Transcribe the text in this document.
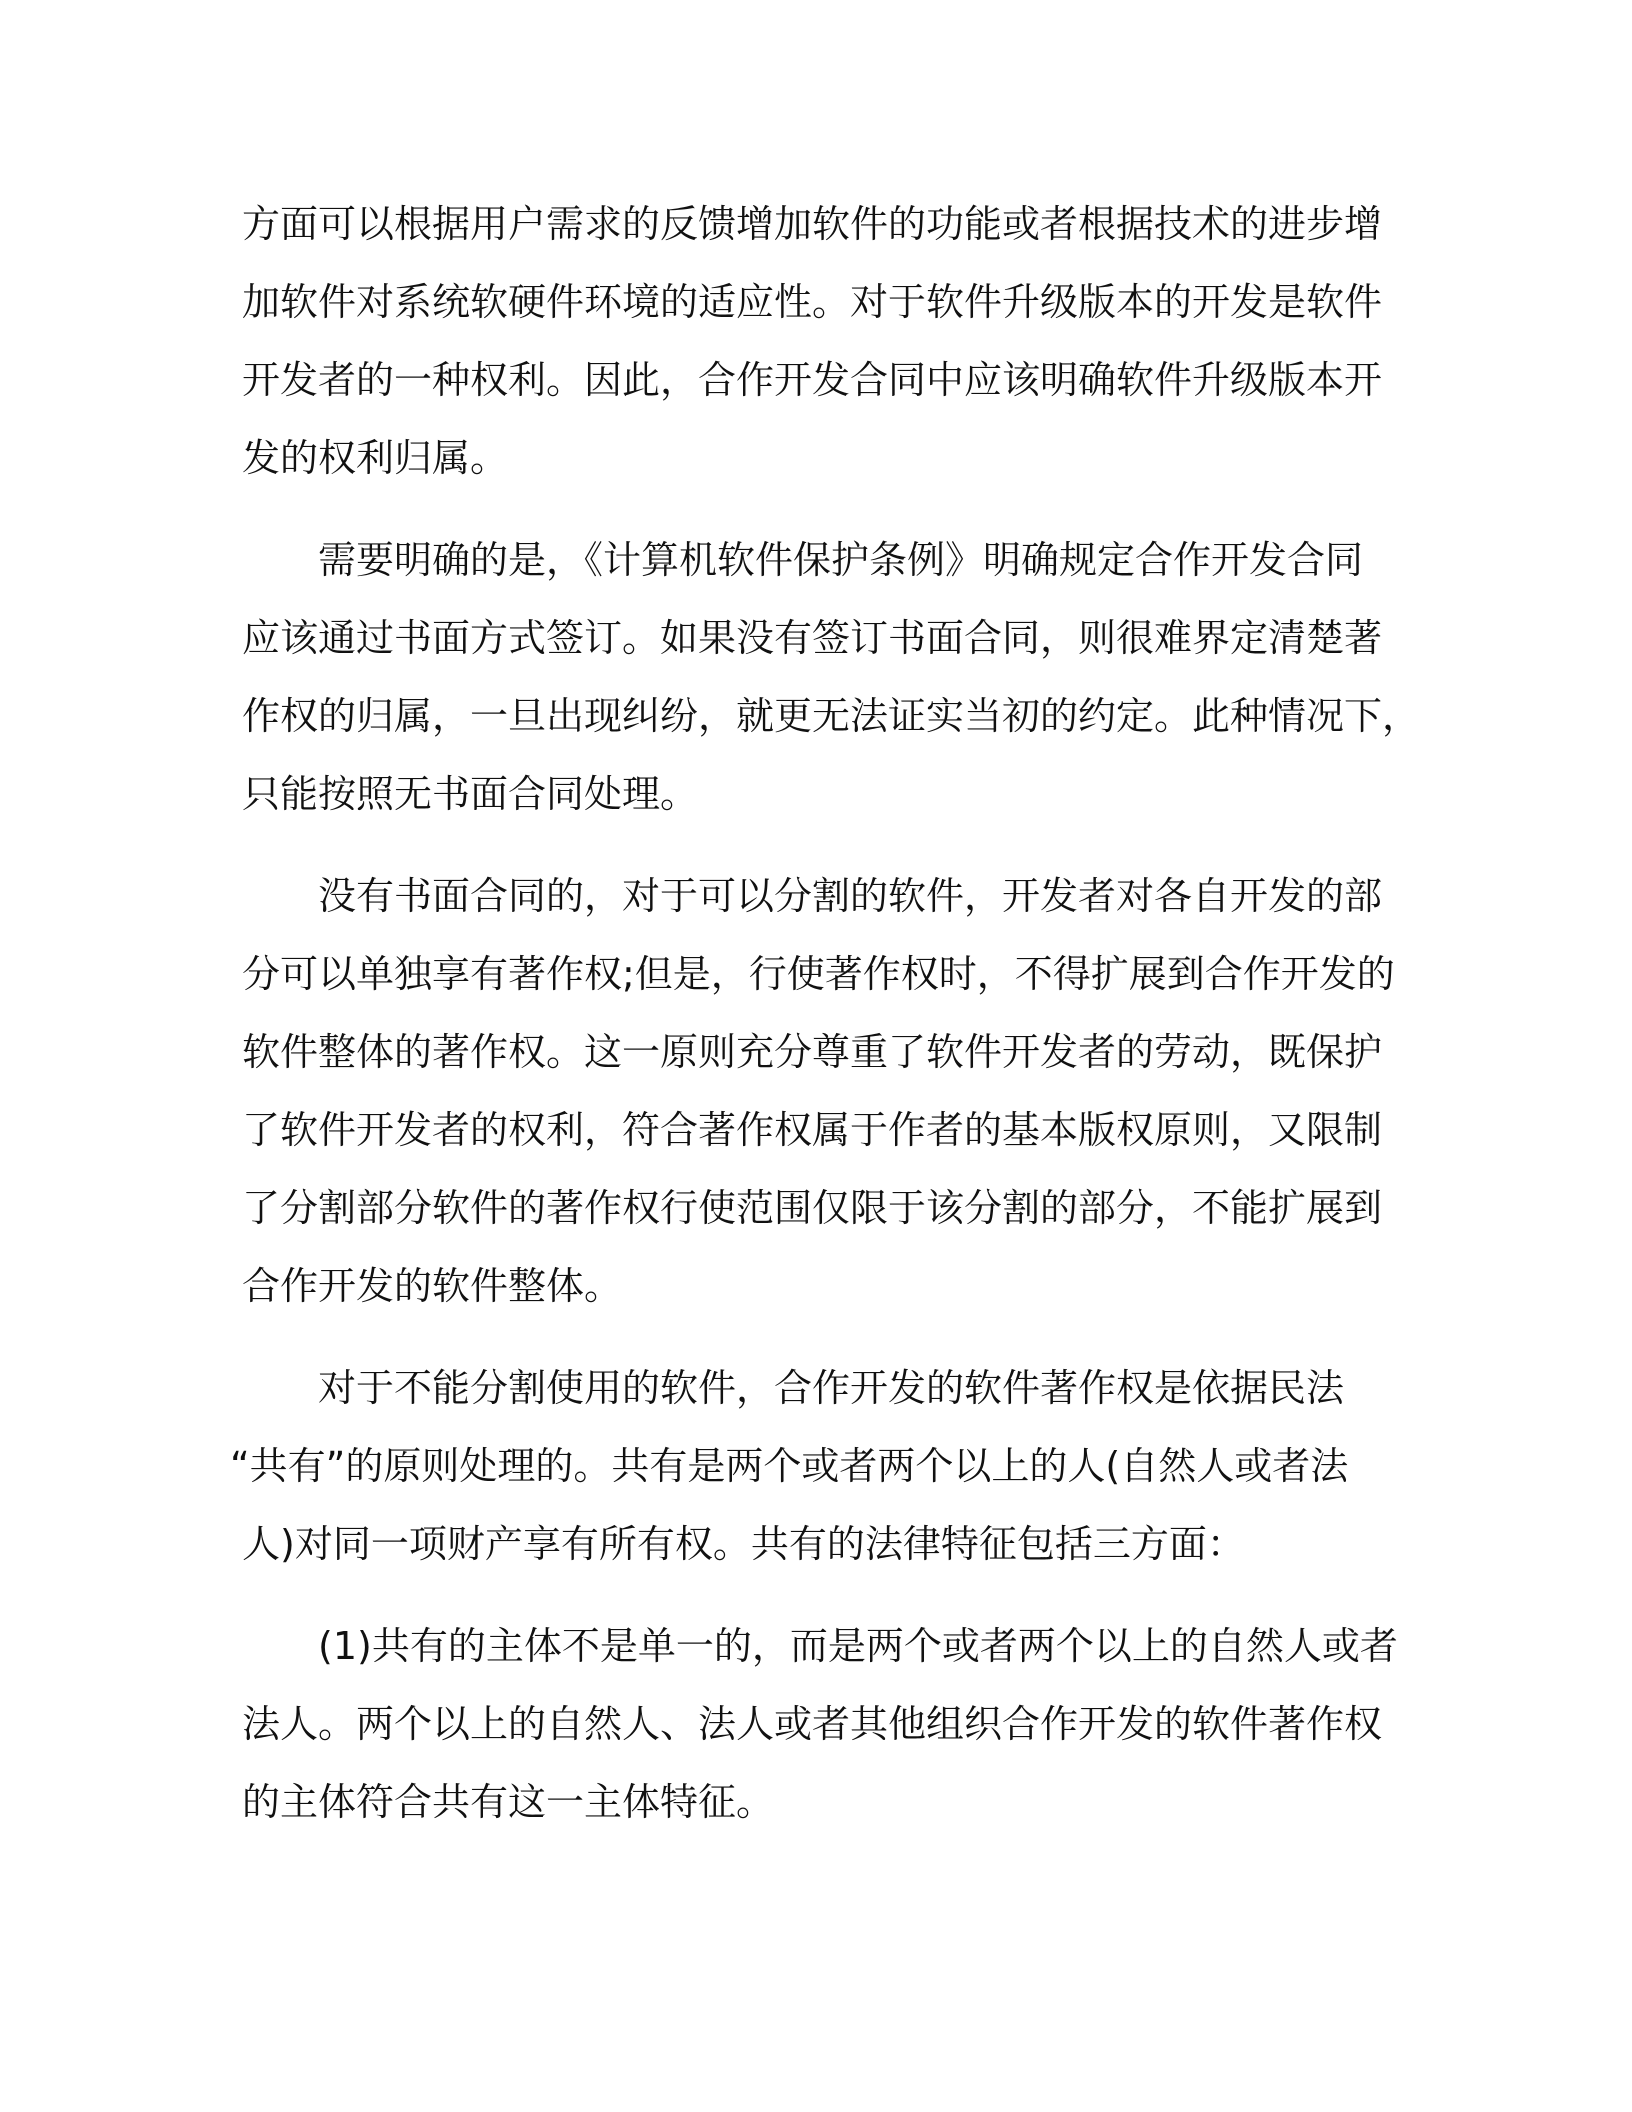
方面可以根据用户需求的反馈增加软件的功能或者根据技术的进步增
加软件对系统软硬件环境的适应性。对于软件升级版本的开发是软件
开发者的一种权利。因此，合作开发合同中应该明确软件升级版本开
发的权利归属。
需要明确的是，《计算机软件保护条例》明确规定合作开发合同
应该通过书面方式签订。如果没有签订书面合同，则很难界定清楚著
作权的归属，一旦出现纠纷，就更无法证实当初的约定。此种情况下，
只能按照无书面合同处理。
没有书面合同的，对于可以分割的软件，开发者对各自开发的部
分可以单独享有著作权;但是，行使著作权时，不得扩展到合作开发的
软件整体的著作权。这一原则充分尊重了软件开发者的劳动，既保护
了软件开发者的权利，符合著作权属于作者的基本版权原则，又限制
了分割部分软件的著作权行使范围仅限于该分割的部分，不能扩展到
合作开发的软件整体。
对于不能分割使用的软件，合作开发的软件著作权是依据民法
“共有”的原则处理的。共有是两个或者两个以上的人(自然人或者法
人)对同一项财产享有所有权。共有的法律特征包括三方面：
(1)共有的主体不是单一的，而是两个或者两个以上的自然人或者
法人。两个以上的自然人、法人或者其他组织合作开发的软件著作权
的主体符合共有这一主体特征。
